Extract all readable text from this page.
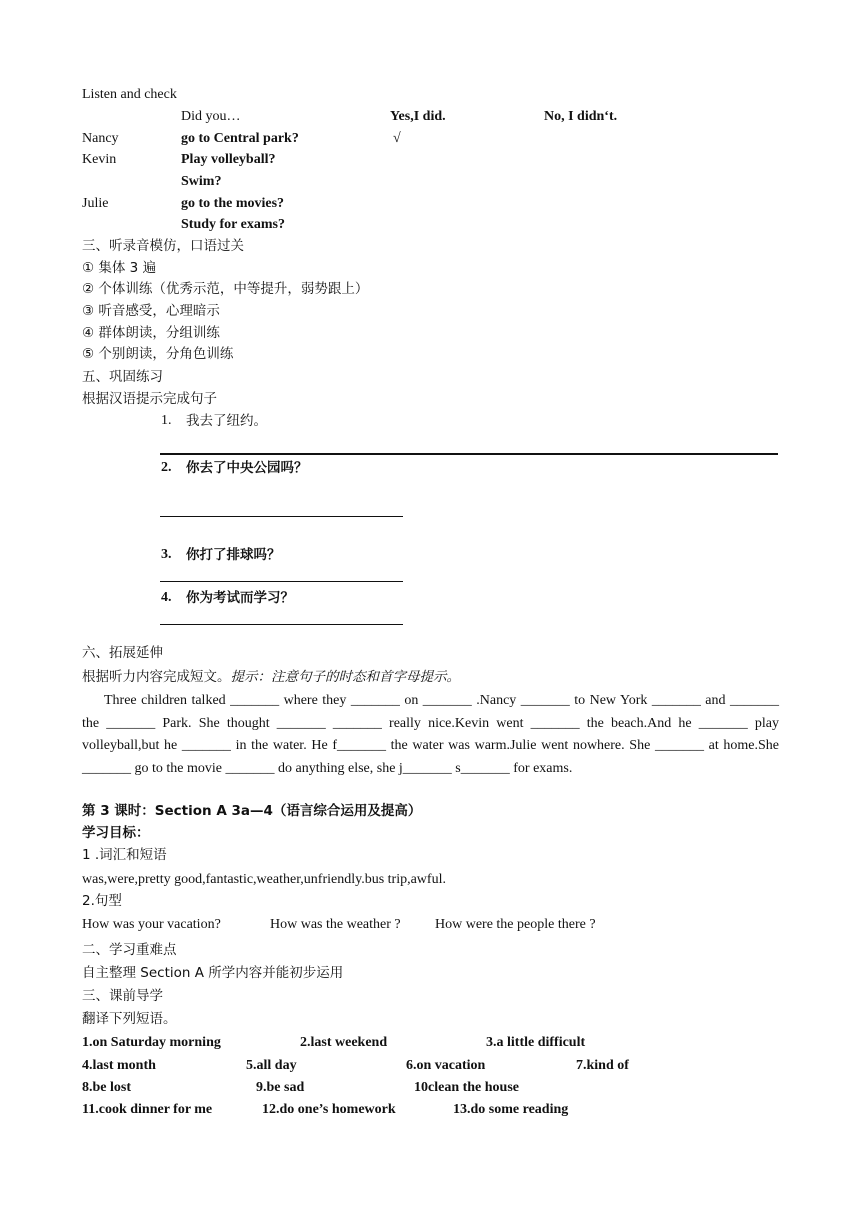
Listen and check
Did you…	Yes,I did.	No, I didnʻt.
Nancy	go to Central park?	√
Kevin	Play volleyball?
Swim?
Julie	go to the movies?
Study for exams?
三、听录音模仿，口语过关
① 集体 3 遍
② 个体训练（优秀示范，中等提升，弱势跟上）
③ 听音感受，心理暗示
④ 群体朗读，分组训练
⑤ 个别朗读，分角色训练
五、巩固练习
根据汉语提示完成句子
1. 我去了纽约。
2. 你去了中央公园吗？
3. 你打了排球吗？
4. 你为考试而学习？
六、拓展延伸
根据听力内容完成短文。提示：注意句子的时态和首字母提示。

Three children talked _______ where they _______ on _______ .Nancy _______ to New York _______ and _______ the _______ Park. She thought _______ _______ really nice.Kevin went _______ the beach.And he _______ play volleyball,but he _______ in the water. He f_______ the water was warm.Julie went nowhere. She _______ at home.She _______ go to the movie _______ do anything else, she j_______ s_______ for exams.

第 3 课时：Section A 3a—4（语言综合运用及提高）
学习目标：
1 .词汇和短语
was,were,pretty good,fantastic,weather,unfriendly.bus trip,awful.
2.句型
How was your vacation?	How was the weather ? How were the people there ?
二、学习重难点
自主整理 Section A 所学内容并能初步运用
三、课前导学
翻译下列短语。
1.on Saturday morning	2.last weekend	3.a little difficult
4.last month	5.all day	6.on vacation	7.kind of
8.be lost	9.be sad	10clean the house
11.cook dinner for me	12.do one’s homework	13.do some reading
